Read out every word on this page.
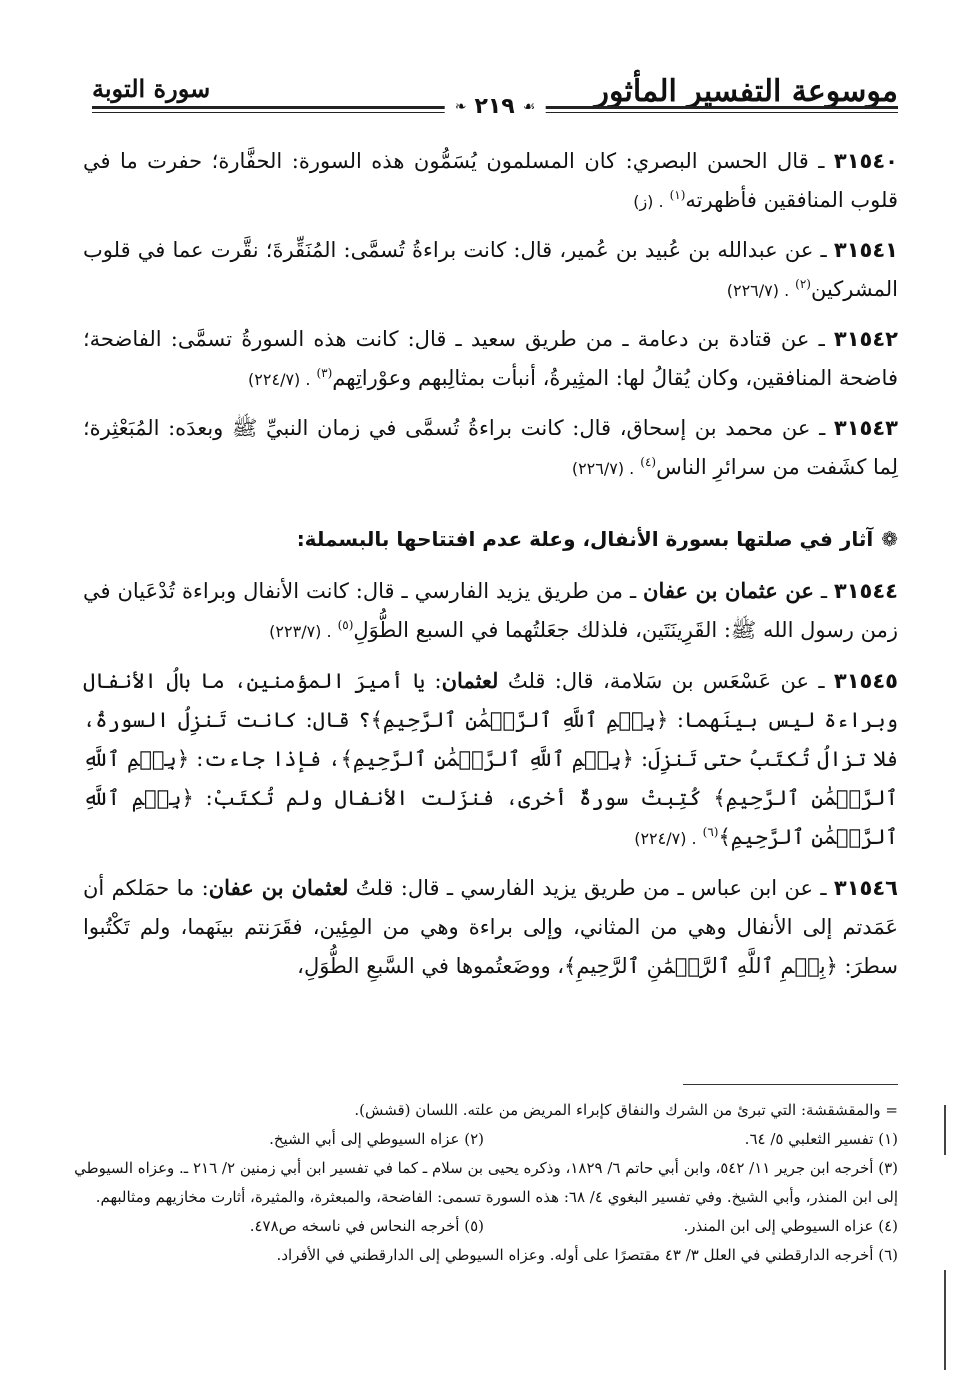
موسوعة التفسير المأثور
سورة التوبة
❧ ٢١٩ ☙

٣١٥٤٠ ـ قال الحسن البصري: كان المسلمون يُسَمُّون هذه السورة: الحفَّارة؛ حفرت ما في قلوب المنافقين فأظهرته$^{(١)}$. (ز)

٣١٥٤١ ـ عن عبدالله بن عُبيد بن عُمير، قال: كانت براءةُ تُسمَّى: المُنَقِّرةَ؛ نقَّرت عما في قلوب المشركين$^{(٢)}$. (٢٢٦/٧)

٣١٥٤٢ ـ عن قتادة بن دعامة ـ من طريق سعيد ـ قال: كانت هذه السورةُ تسمَّى: الفاضحة؛ فاضحة المنافقين، وكان يُقالُ لها: المثِيرةُ، أنبأت بمثالِبهم وعوْراتِهم$^{(٣)}$. (٢٢٤/٧)

٣١٥٤٣ ـ عن محمد بن إسحاق، قال: كانت براءةُ تُسمَّى في زمان النبيِّ ﷺ وبعدَه: المُبَعْثِرة؛ لِما كشَفت من سرائرِ الناس$^{(٤)}$. (٢٢٦/٧)

❁آثار في صلتها بسورة الأنفال، وعلة عدم افتتاحها بالبسملة:

٣١٥٤٤ ـ عن عثمان بن عفان ـ من طريق يزيد الفارسي ـ قال: كانت الأنفال وبراءة تُدْعَيان في زمن رسول الله ﷺ: القَرِينَتَين، فلذلك جعَلتُهما في السبع الطُّوَلِ$^{(٥)}$. (٢٢٣/٧)

٣١٥٤٥ ـ عن عَسْعَس بن سَلامة، قال: قلتُ لعثمان: يا أميرَ المؤمنين، ما بالُ الأنفال وبراءة ليس بينَهما: ﴿بِسۡمِ ٱللَّهِ ٱلرَّحۡمَٰنِ ٱلرَّحِيمِ﴾؟ قال: كانت تَنزِلُ السورةُ، فلا تزالُ تُكتَبُ حتى تَنزِلَ: ﴿بِسۡمِ ٱللَّهِ ٱلرَّحۡمَٰنِ ٱلرَّحِيمِ﴾، فإذا جاءت: ﴿بِسۡمِ ٱللَّهِ ٱلرَّحۡمَٰنِ ٱلرَّحِيمِ﴾ كُتِبتْ سورةٌ أخرى، فنزَلت الأنفال ولم تُكتَبْ: ﴿بِسۡمِ ٱللَّهِ ٱلرَّحۡمَٰنِ ٱلرَّحِيمِ﴾$^{(٦)}$. (٢٢٤/٧)

٣١٥٤٦ ـ عن ابن عباس ـ من طريق يزيد الفارسي ـ قال: قلتُ لعثمان بن عفان: ما حمَلكم أن عَمَدتم إلى الأنفال وهي من المثاني، وإلى براءة وهي من المِئِين، فقَرَنتم بينَهما، ولم تَكْتُبوا سطرَ: ﴿بِسۡمِ ٱللَّهِ ٱلرَّحۡمَٰنِ ٱلرَّحِيمِ﴾، ووضَعتُموها في السَّبعِ الطُّوَلِ،

= والمقشقشة: التي تبرئ من الشرك والنفاق كإبراء المريض من علته. اللسان (قشش).
(١) تفسير الثعلبي ٥/ ٦٤.
(٢) عزاه السيوطي إلى أبي الشيخ.
(٣) أخرجه ابن جرير ١١/ ٥٤٢، وابن أبي حاتم ٦/ ١٨٢٩، وذكره يحيى بن سلام ـ كما في تفسير ابن أبي زمنين ٢/ ٢١٦ ـ. وعزاه السيوطي إلى ابن المنذر، وأبي الشيخ. وفي تفسير البغوي ٤/ ٦٨: هذه السورة تسمى: الفاضحة، والمبعثرة، والمثيرة، أثارت مخازيهم ومثالبهم.
(٤) عزاه السيوطي إلى ابن المنذر.
(٥) أخرجه النحاس في ناسخه ص٤٧٨.
(٦) أخرجه الدارقطني في العلل ٣/ ٤٣ مقتصرًا على أوله. وعزاه السيوطي إلى الدارقطني في الأفراد.
